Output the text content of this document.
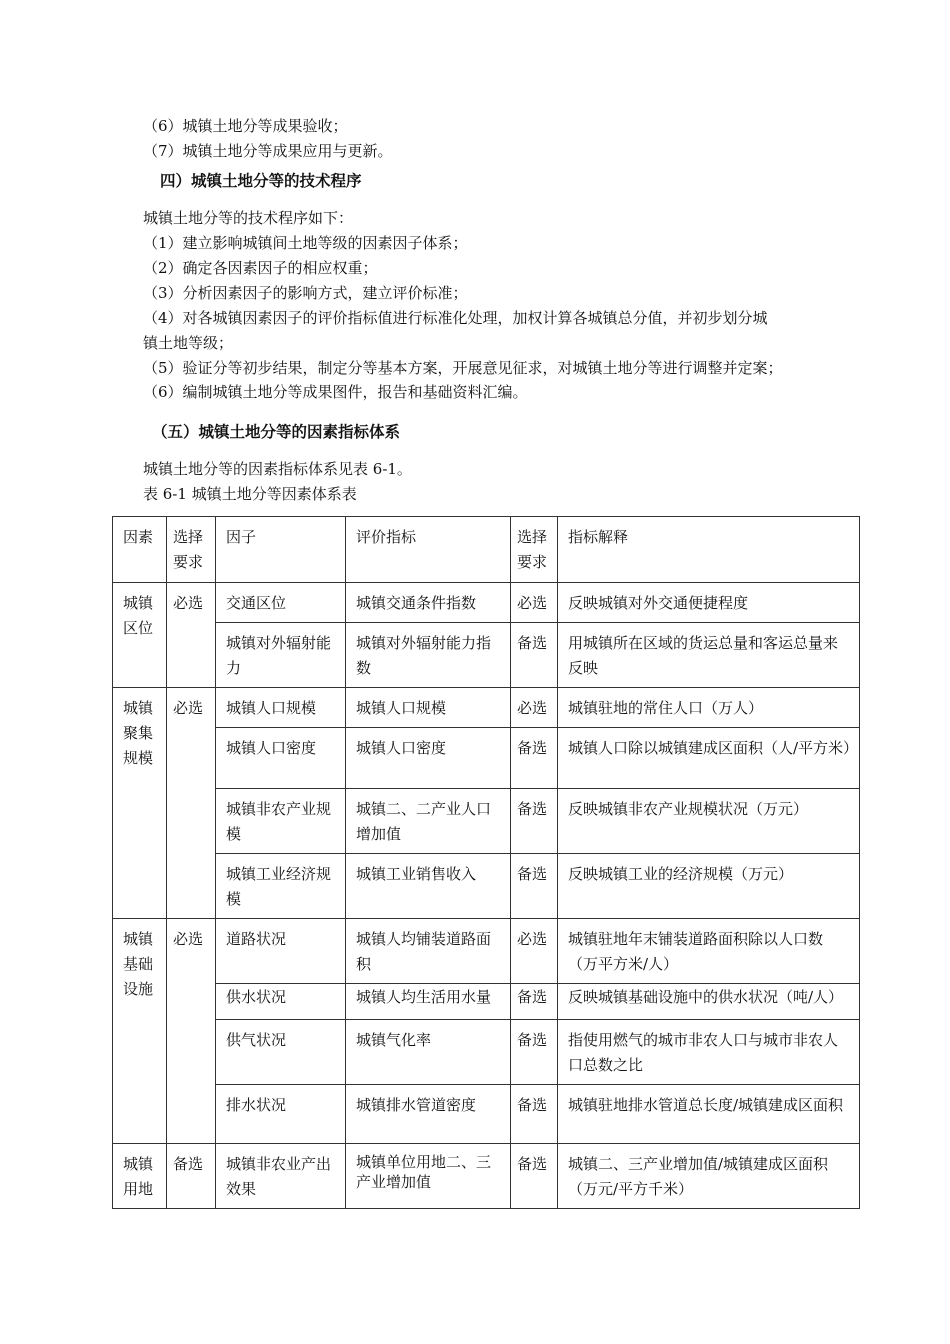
（6）城镇土地分等成果验收；
（7）城镇土地分等成果应用与更新。
四）城镇土地分等的技术程序
城镇土地分等的技术程序如下：
（1）建立影响城镇间土地等级的因素因子体系；
（2）确定各因素因子的相应权重；
（3）分析因素因子的影响方式，建立评价标准；
（4）对各城镇因素因子的评价指标值进行标准化处理，加权计算各城镇总分值，并初步划分城
镇土地等级；
（5）验证分等初步结果，制定分等基本方案，开展意见征求，对城镇土地分等进行调整并定案；
（6）编制城镇土地分等成果图件，报告和基础资料汇编。
（五）城镇土地分等的因素指标体系
城镇土地分等的因素指标体系见表 6-1。
表 6-1 城镇土地分等因素体系表
因素	选择要求	因子	评价指标	选择要求	指标解释
城镇区位	必选	交通区位	城镇交通条件指数	必选	反映城镇对外交通便捷程度
		城镇对外辐射能力	城镇对外辐射能力指数	备选	用城镇所在区域的货运总量和客运总量来反映
城镇聚集规模	必选	城镇人口规模	城镇人口规模	必选	城镇驻地的常住人口（万人）
		城镇人口密度	城镇人口密度	备选	城镇人口除以城镇建成区面积（人/平方米）
		城镇非农产业规模	城镇二、二产业人口增加值	备选	反映城镇非农产业规模状况（万元）
		城镇工业经济规模	城镇工业销售收入	备选	反映城镇工业的经济规模（万元）
城镇基础设施	必选	道路状况	城镇人均铺装道路面积	必选	城镇驻地年末铺装道路面积除以人口数（万平方米/人）
		供水状况	城镇人均生活用水量	备选	反映城镇基础设施中的供水状况（吨/人）
		供气状况	城镇气化率	备选	指使用燃气的城市非农人口与城市非农人口总数之比
		排水状况	城镇排水管道密度	备选	城镇驻地排水管道总长度/城镇建成区面积
城镇用地	备选	城镇非农业产出效果	城镇单位用地二、三产业增加值	备选	城镇二、三产业增加值/城镇建成区面积（万元/平方千米）
